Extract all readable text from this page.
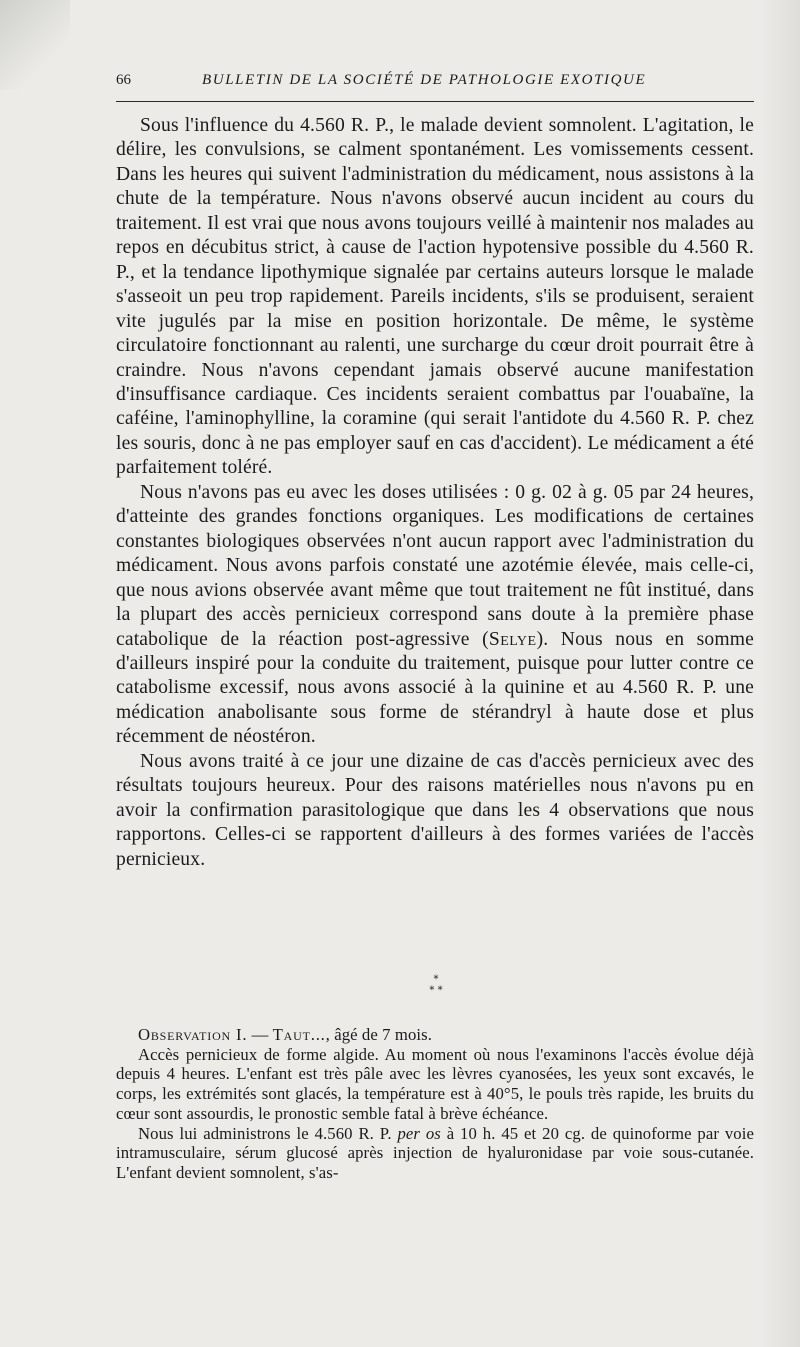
66	BULLETIN DE LA SOCIÉTÉ DE PATHOLOGIE EXOTIQUE

Sous l'influence du 4.560 R. P., le malade devient somnolent. L'agitation, le délire, les convulsions, se calment spontanément. Les vomissements cessent. Dans les heures qui suivent l'administration du médicament, nous assistons à la chute de la température. Nous n'avons observé aucun incident au cours du traitement. Il est vrai que nous avons toujours veillé à maintenir nos malades au repos en décubitus strict, à cause de l'action hypotensive possible du 4.560 R. P., et la tendance lipothymique signalée par certains auteurs lorsque le malade s'asseoit un peu trop rapidement. Pareils incidents, s'ils se produisent, seraient vite jugulés par la mise en position horizontale. De même, le système circulatoire fonctionnant au ralenti, une surcharge du cœur droit pourrait être à craindre. Nous n'avons cependant jamais observé aucune manifestation d'insuffisance cardiaque. Ces incidents seraient combattus par l'ouabaïne, la caféine, l'aminophylline, la coramine (qui serait l'antidote du 4.560 R. P. chez les souris, donc à ne pas employer sauf en cas d'accident). Le médicament a été parfaitement toléré.

Nous n'avons pas eu avec les doses utilisées : 0 g. 02 à g. 05 par 24 heures, d'atteinte des grandes fonctions organiques. Les modifications de certaines constantes biologiques observées n'ont aucun rapport avec l'administration du médicament. Nous avons parfois constaté une azotémie élevée, mais celle-ci, que nous avions observée avant même que tout traitement ne fût institué, dans la plupart des accès pernicieux correspond sans doute à la première phase catabolique de la réaction post-agressive (Selye). Nous nous en somme d'ailleurs inspiré pour la conduite du traitement, puisque pour lutter contre ce catabolisme excessif, nous avons associé à la quinine et au 4.560 R. P. une médication anabolisante sous forme de stérandryl à haute dose et plus récemment de néostéron.

Nous avons traité à ce jour une dizaine de cas d'accès pernicieux avec des résultats toujours heureux. Pour des raisons matérielles nous n'avons pu en avoir la confirmation parasitologique que dans les 4 observations que nous rapportons. Celles-ci se rapportent d'ailleurs à des formes variées de l'accès pernicieux.

*
* *

Observation I. — Taut..., âgé de 7 mois.

Accès pernicieux de forme algide. Au moment où nous l'examinons l'accès évolue déjà depuis 4 heures. L'enfant est très pâle avec les lèvres cyanosées, les yeux sont excavés, le corps, les extrémités sont glacés, la température est à 40°5, le pouls très rapide, les bruits du cœur sont assourdis, le pronostic semble fatal à brève échéance.

Nous lui administrons le 4.560 R. P. per os à 10 h. 45 et 20 cg. de quinoforme par voie intramusculaire, sérum glucosé après injection de hyaluronidase par voie sous-cutanée. L'enfant devient somnolent, s'as-
